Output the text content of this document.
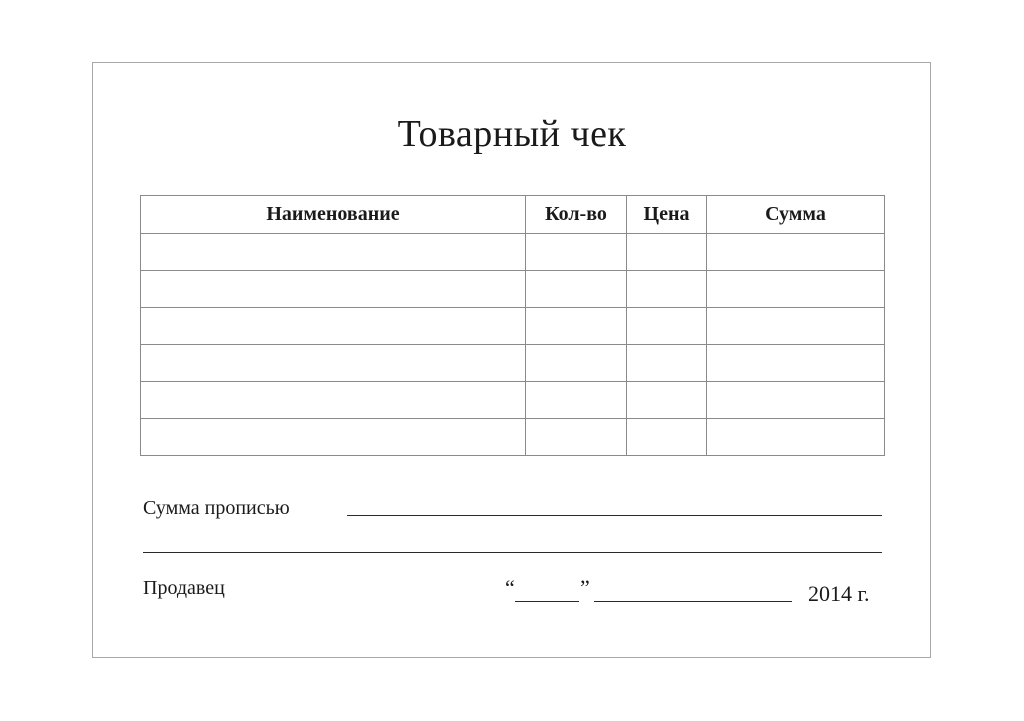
Товарный чек
Наименование	Кол-во	Цена	Сумма

Сумма прописью
Продавец	“	”	2014 г.
